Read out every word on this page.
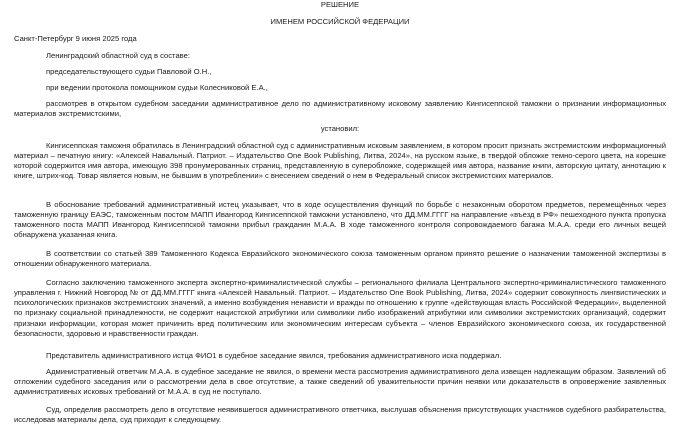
РЕШЕНИЕ
ИМЕНЕМ РОССИЙСКОЙ ФЕДЕРАЦИИ
Санкт-Петербург 9 июня 2025 года
Ленинградский областной суд в составе:
председательствующего судьи Павловой О.Н.,
при ведении протокола помощником судьи Колесниковой Е.А.,
рассмотрев в открытом судебном заседании административное дело по административному исковому заявлению Кингисеппской таможни о признании информационных материалов экстремистскими,
установил:
Кингисеппская таможня обратилась в Ленинградский областной суд с административным исковым заявлением, в котором просит признать экстремистским информационный материал – печатную книгу: «Алексей Навальный. Патриот. – Издательство One Book Publishing, Литва, 2024», на русском языке, в твердой обложке темно-серого цвета, на корешке которой содержится имя автора, имеющую 398 пронумерованных страниц, представленную в суперобложке, содержащей имя автора, название книги, авторскую цитату, аннотацию к книге, штрих-код. Товар является новым, не бывшим в употреблении» с внесением сведений о нем в Федеральный список экстремистских материалов.
В обоснование требований административный истец указывает, что в ходе осуществления функций по борьбе с незаконным оборотом предметов, перемещённых через таможенную границу ЕАЭС, таможенным постом МАПП Ивангород Кингисеппской таможни установлено, что ДД.ММ.ГГГГ на направление «въезд в РФ» пешеходного пункта пропуска таможенного поста МАПП Ивангород Кингисеппской таможни прибыл гражданин М.А.А. В ходе таможенного контроля сопровождаемого багажа М.А.А. среди его личных вещей обнаружена указанная книга.
В соответствии со статьей 389 Таможенного Кодекса Евразийского экономического союза таможенным органом принято решение о назначении таможенной экспертизы в отношении обнаруженного материала.
Согласно заключению таможенного эксперта экспертно-криминалистической службы – регионального филиала Центрального экспертно-криминалистического таможенного управления г. Нижний Новгород № от ДД.ММ.ГГГГ книга «Алексей Навальный. Патриот. – Издательство One Book Publishing, Литва, 2024» содержит совокупность лингвистических и психологических признаков экстремистских значений, а именно возбуждения ненависти и вражды по отношению к группе «действующая власть Российской Федерации», выделенной по признаку социальной принадлежности, не содержит нацистской атрибутики или символики либо изображений атрибутики или символики экстремистских организаций, содержит признаки информации, которая может причинить вред политическим или экономическим интересам субъекта – членов Евразийского экономического союза, их государственной безопасности, здоровью и нравственности граждан.
Представитель административного истца ФИО1 в судебное заседание явился, требования административного иска поддержал.
Административный ответчик М.А.А. в судебное заседание не явился, о времени места рассмотрения административного дела извещен надлежащим образом. Заявлений об отложении судебного заседания или о рассмотрении дела в свое отсутствие, а также сведений об уважительности причин неявки или доказательств в опровержение заявленных административных исковых требований от М.А.А. в суд не поступало.
Суд, определив рассмотреть дело в отсутствие неявившегося административного ответчика, выслушав объяснения присутствующих участников судебного разбирательства, исследовав материалы дела, суд приходит к следующему.
